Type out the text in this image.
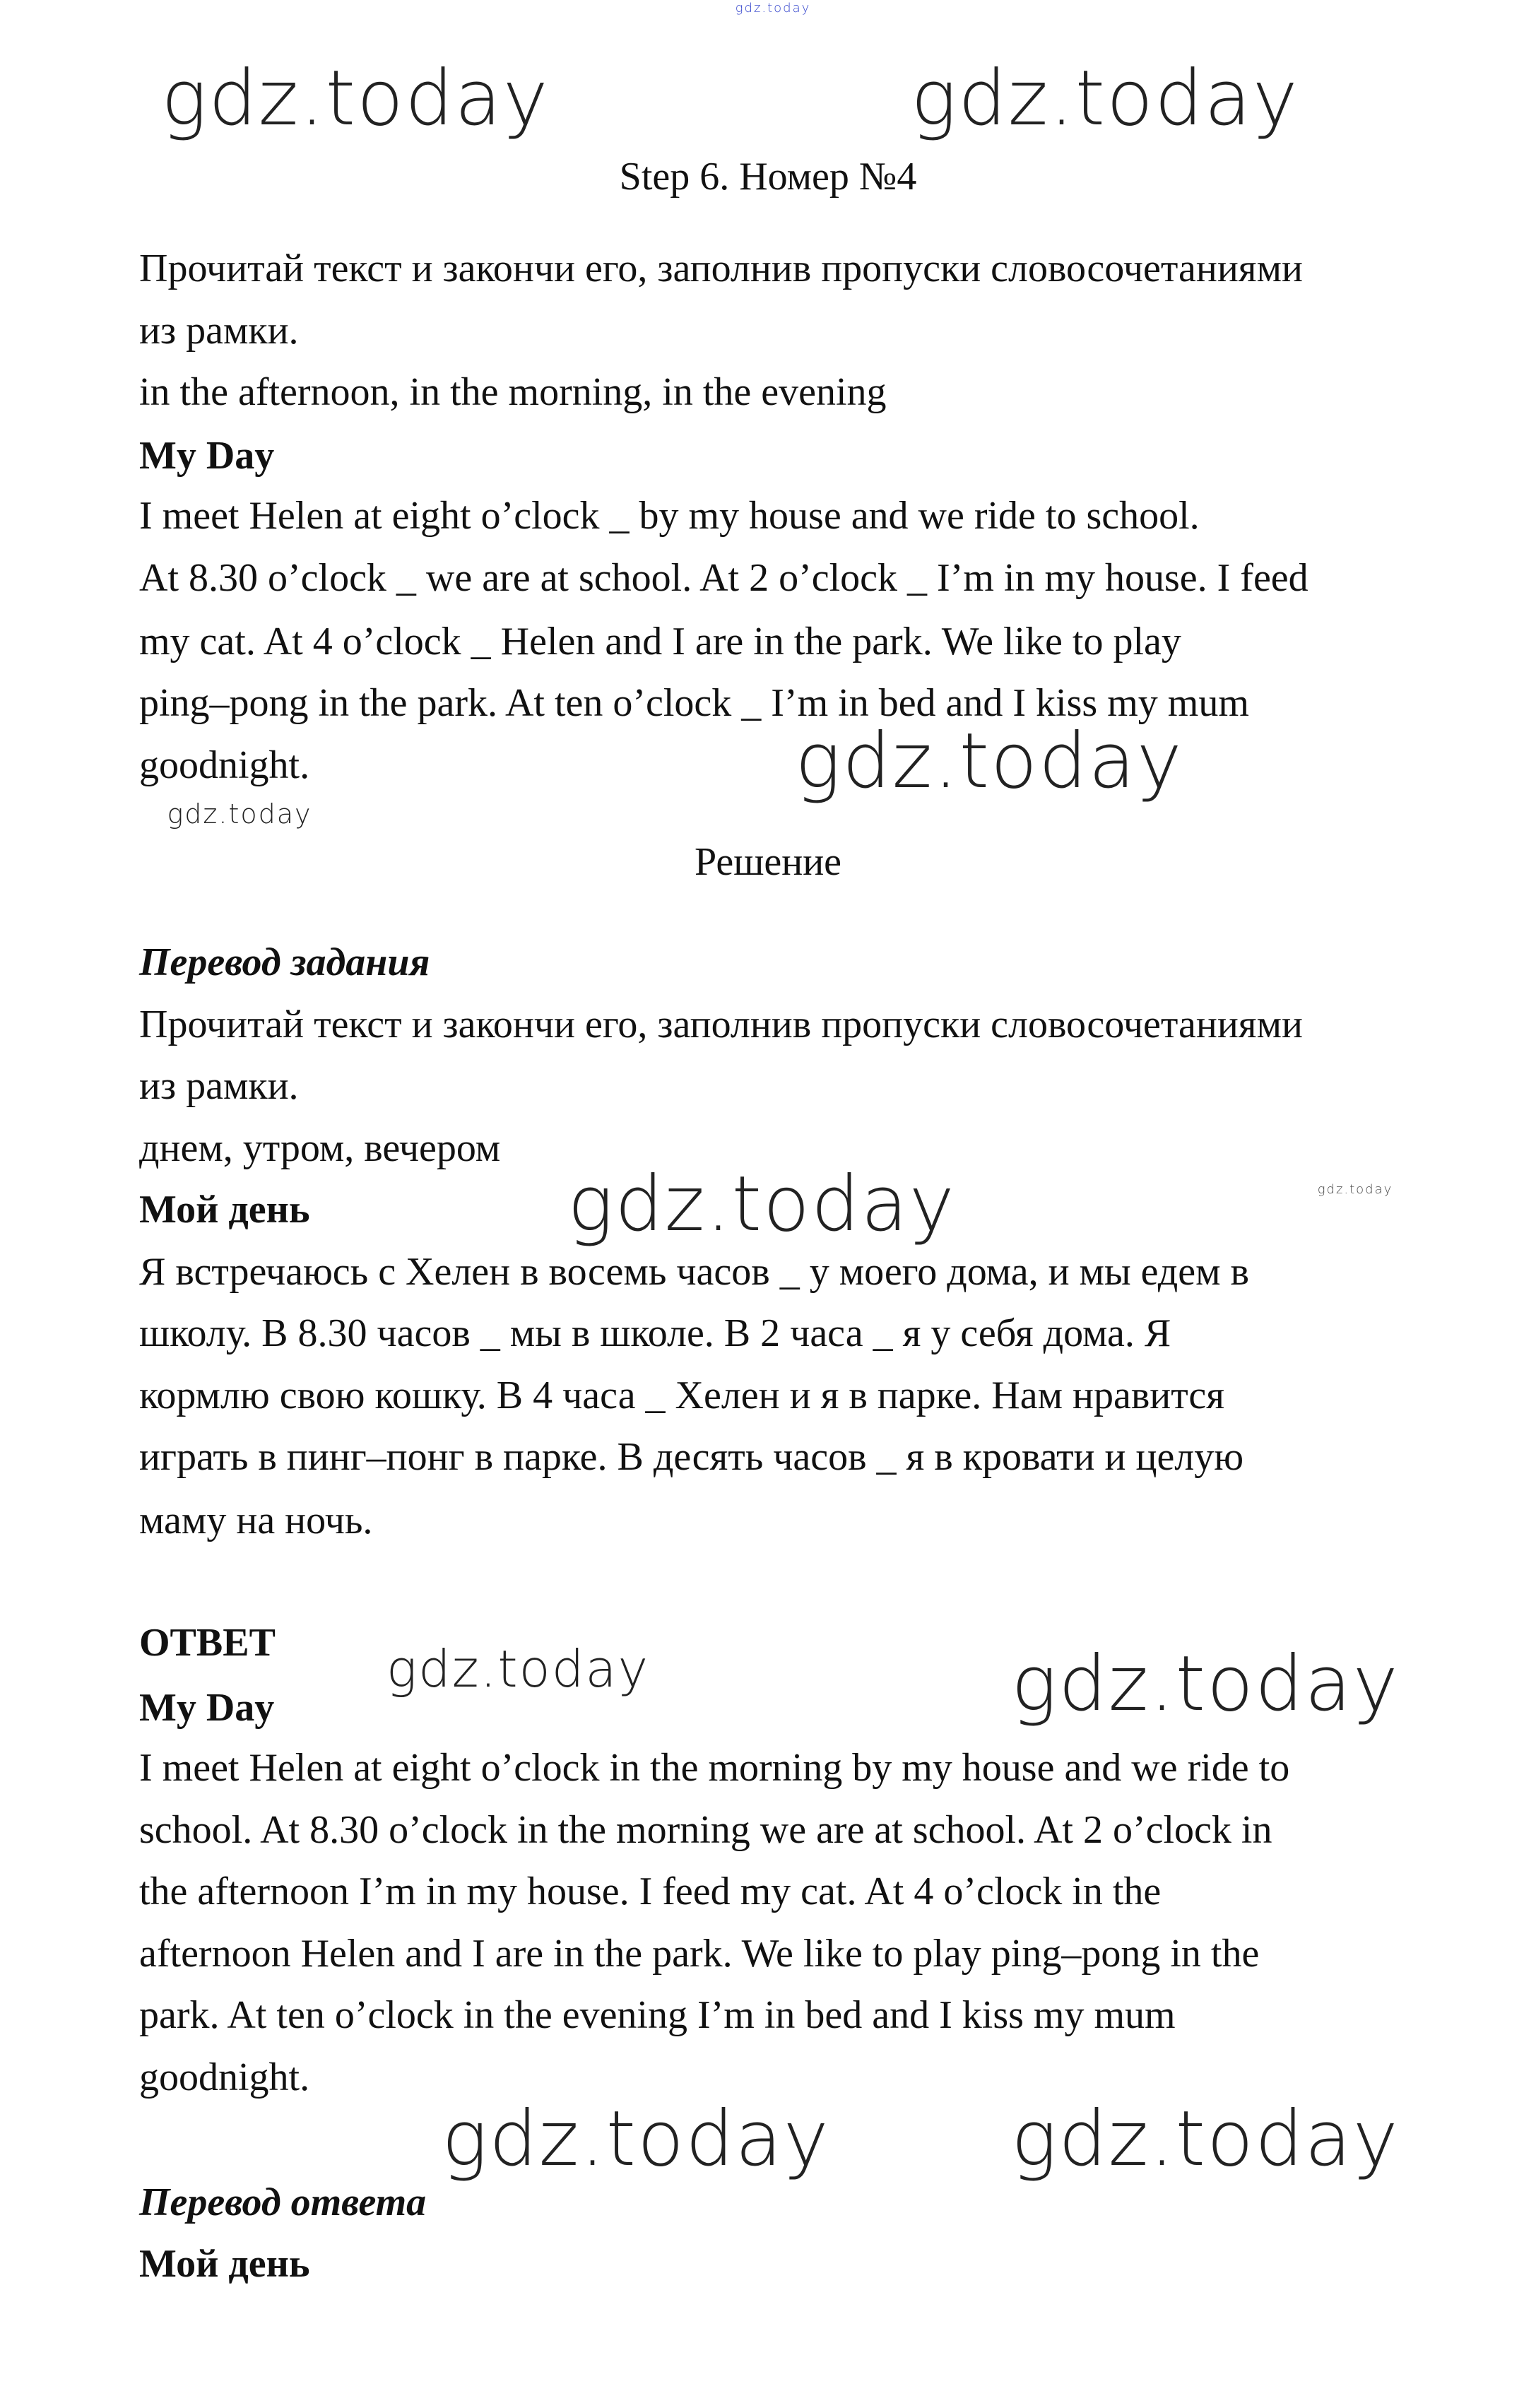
gdz.today
Step 6. Номер №4
Прочитай текст и закончи его, заполнив пропуски словосочетаниями
из рамки.
in the afternoon, in the morning, in the evening
My Day
I meet Helen at eight o’clock _ by my house and we ride to school.
At 8.30 o’clock _ we are at school. At 2 o’clock _ I’m in my house. I feed
my cat. At 4 o’clock _ Helen and I are in the park. We like to play
ping–pong in the park. At ten o’clock _ I’m in bed and I kiss my mum
goodnight.
Решение
Перевод задания
Прочитай текст и закончи его, заполнив пропуски словосочетаниями
из рамки.
днем, утром, вечером
Мой день
Я встречаюсь с Хелен в восемь часов _ у моего дома, и мы едем в
школу. В 8.30 часов _ мы в школе. В 2 часа _ я у себя дома. Я
кормлю свою кошку. В 4 часа _ Хелен и я в парке. Нам нравится
играть в пинг–понг в парке. В десять часов _ я в кровати и целую
маму на ночь.
ОТВЕТ
My Day
I meet Helen at eight o’clock in the morning by my house and we ride to
school. At 8.30 o’clock in the morning we are at school. At 2 o’clock in
the afternoon I’m in my house. I feed my cat. At 4 o’clock in the
afternoon Helen and I are in the park. We like to play ping–pong in the
park. At ten o’clock in the evening I’m in bed and I kiss my mum
goodnight.
Перевод ответа
Мой день
gdz.today	gdz.today
gdz.today
gdz.today
gdz.today	gdz.today
gdz.today	gdz.today
gdz.today gdz.today
